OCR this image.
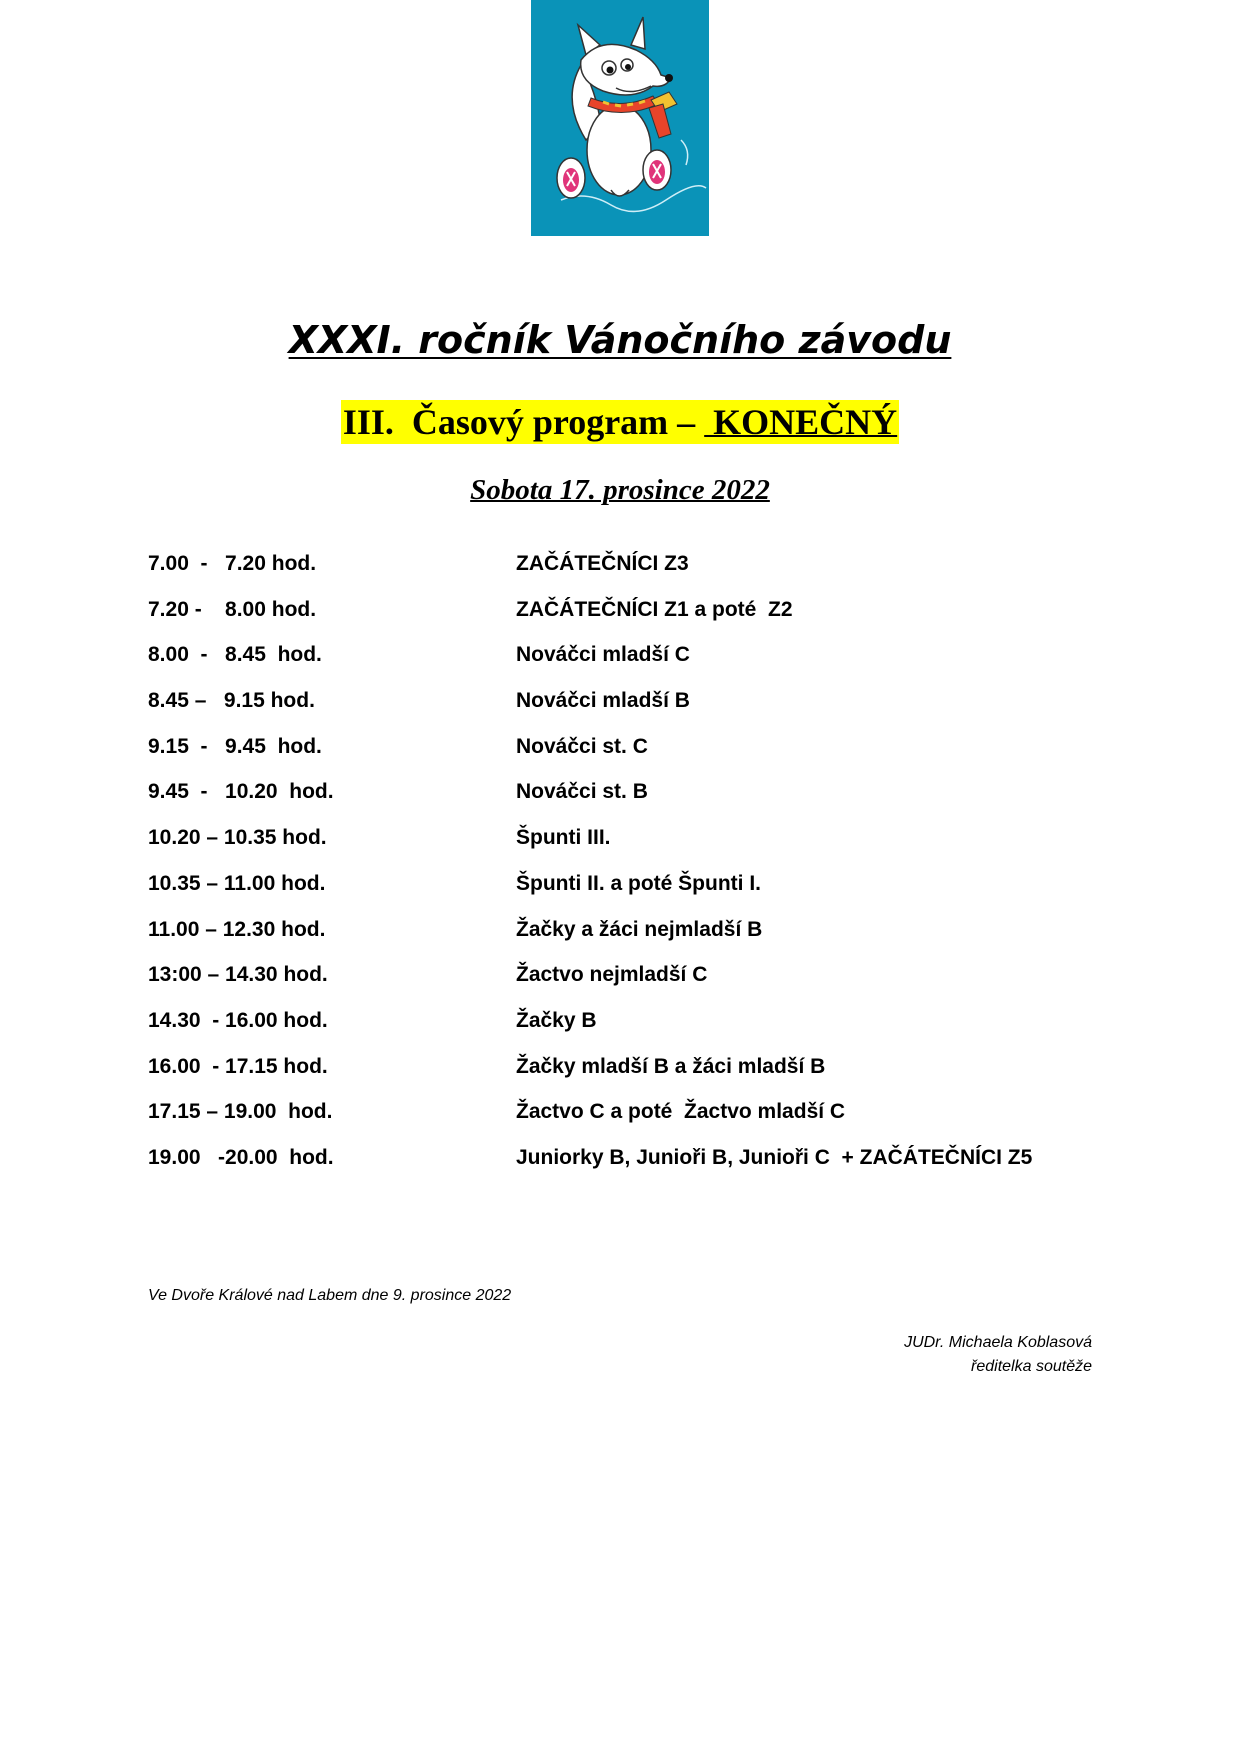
XXXI. ročník Vánočního závodu
III.  Časový program –  KONEČNÝ
Sobota 17. prosince 2022
7.00  -   7.20 hod.	ZAČÁTEČNÍCI Z3
7.20 -    8.00 hod.	ZAČÁTEČNÍCI Z1 a poté  Z2
8.00  -   8.45  hod.	Nováčci mladší C
8.45 –   9.15 hod.	Nováčci mladší B
9.15  -   9.45  hod.	Nováčci st. C
9.45  -   10.20  hod.	Nováčci st. B
10.20 – 10.35 hod.	Špunti III.
10.35 – 11.00 hod.	Špunti II. a poté Špunti I.
11.00 – 12.30 hod.	Žačky a žáci nejmladší B
13:00 – 14.30 hod.	Žactvo nejmladší C
14.30  - 16.00 hod.	Žačky B
16.00  - 17.15 hod.	Žačky mladší B a žáci mladší B
17.15 – 19.00  hod.	Žactvo C a poté  Žactvo mladší C
19.00   -20.00  hod.	Juniorky B, Junioři B, Junioři C  + ZAČÁTEČNÍCI Z5
Ve Dvoře Králové nad Labem dne 9. prosince 2022
JUDr. Michaela Koblasová
ředitelka soutěže
